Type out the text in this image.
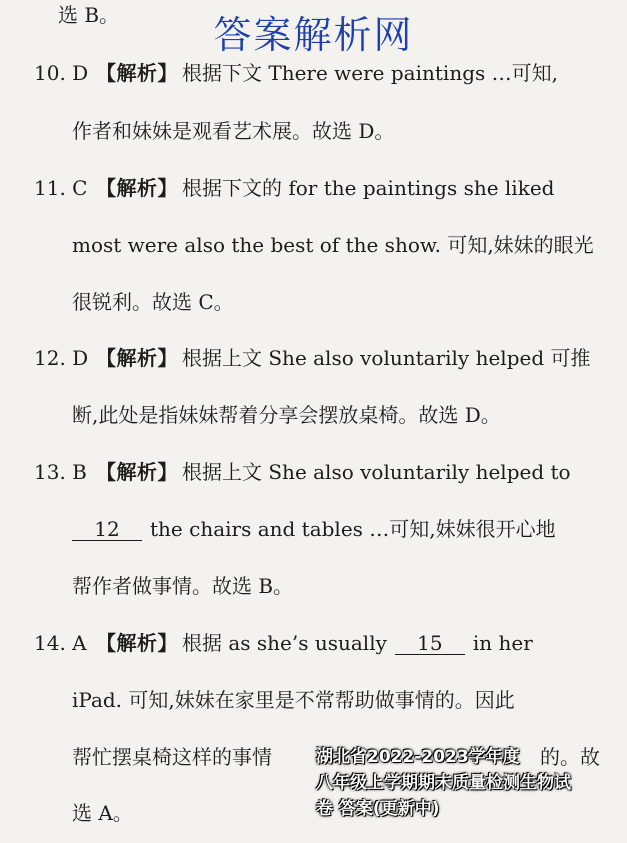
答案解析网
选 B。
10. D 【解析】 根据下文 There were paintings …可知,
作者和妹妹是观看艺术展。故选 D。
11. C 【解析】 根据下文的 for the paintings she liked
most were also the best of the show. 可知,妹妹的眼光
很锐利。故选 C。
12. D 【解析】 根据上文 She also voluntarily helped 可推
断,此处是指妹妹帮着分享会摆放桌椅。故选 D。
13. B 【解析】 根据上文 She also voluntarily helped to
12 the chairs and tables …可知,妹妹很开心地
帮作者做事情。故选 B。
14. A 【解析】 根据 as she’s usually 15 in her
iPad. 可知,妹妹在家里是不常帮助做事情的。因此
帮忙摆桌椅这样的事情	的。故
选 A。
湖北省2022-2023学年度
八年级上学期期末质量检测生物试
卷 答案(更新中)
